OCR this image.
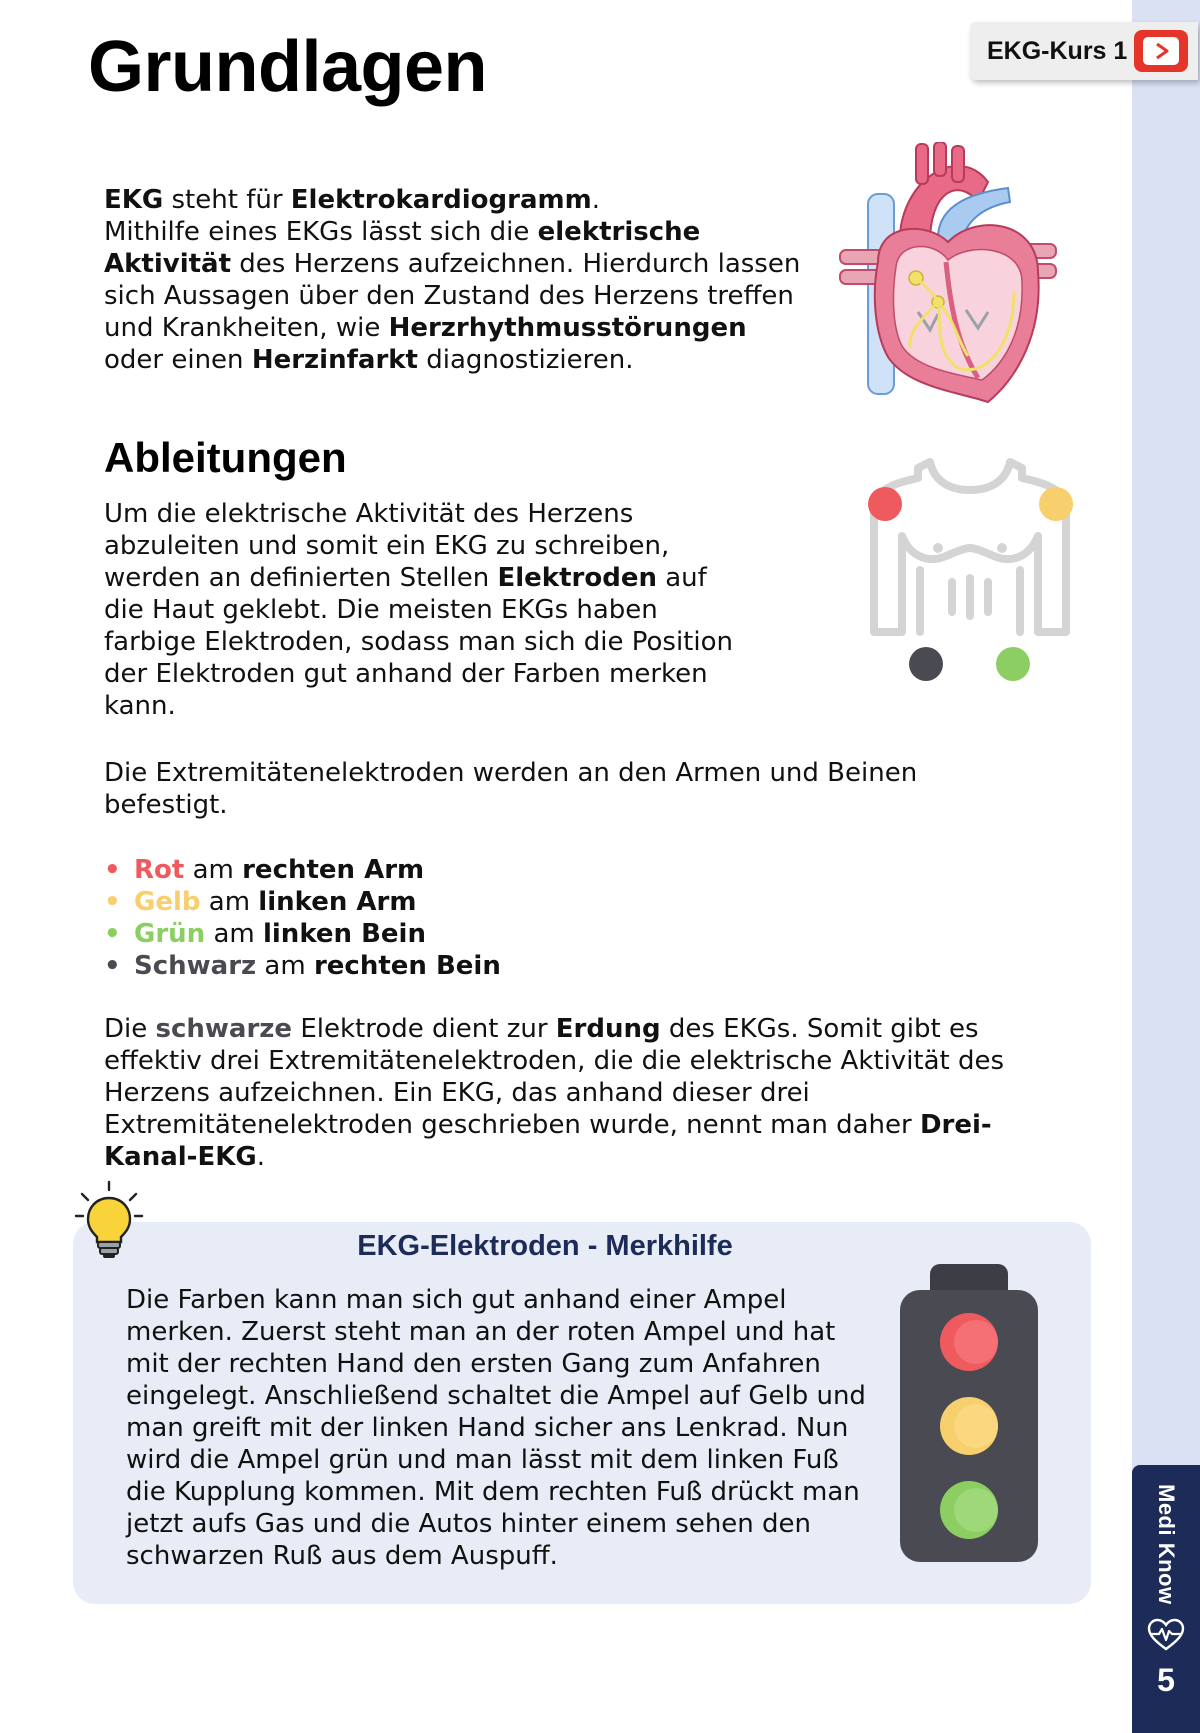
Medi Know
5
EKG-Kurs 1
Grundlagen
EKG steht für Elektrokardiogramm.
Mithilfe eines EKGs lässt sich die elektrische Aktivität des Herzens aufzeichnen. Hierdurch lassen sich Aussagen über den Zustand des Herzens treffen und Krankheiten, wie Herzrhythmusstörungen oder einen Herzinfarkt diagnostizieren.
Ableitungen
Um die elektrische Aktivität des Herzens abzuleiten und somit ein EKG zu schreiben, werden an definierten Stellen Elektroden auf die Haut geklebt. Die meisten EKGs haben farbige Elektroden, sodass man sich die Position der Elektroden gut anhand der Farben merken kann.
Die Extremitätenelektroden werden an den Armen und Beinen befestigt.
• Rot am rechten Arm
• Gelb am linken Arm
• Grün am linken Bein
• Schwarz am rechten Bein
Die schwarze Elektrode dient zur Erdung des EKGs. Somit gibt es effektiv drei Extremitätenelektroden, die die elektrische Aktivität des Herzens aufzeichnen. Ein EKG, das anhand dieser drei Extremitätenelektroden geschrieben wurde, nennt man daher Drei-Kanal-EKG.
EKG-Elektroden - Merkhilfe
Die Farben kann man sich gut anhand einer Ampel merken. Zuerst steht man an der roten Ampel und hat mit der rechten Hand den ersten Gang zum Anfahren eingelegt. Anschließend schaltet die Ampel auf Gelb und man greift mit der linken Hand sicher ans Lenkrad. Nun wird die Ampel grün und man lässt mit dem linken Fuß die Kupplung kommen. Mit dem rechten Fuß drückt man jetzt aufs Gas und die Autos hinter einem sehen den schwarzen Ruß aus dem Auspuff.
